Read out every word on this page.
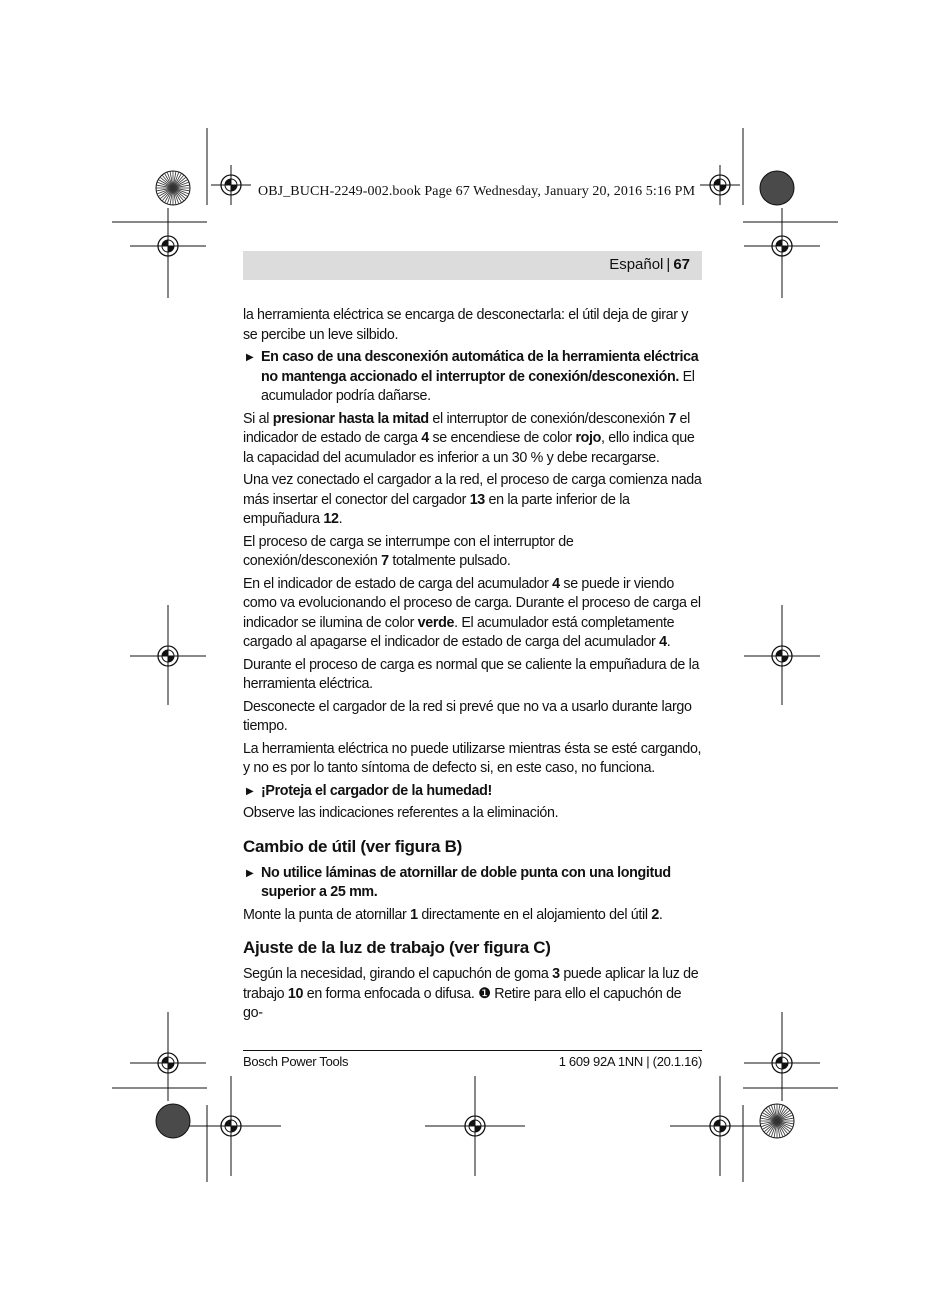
OBJ_BUCH-2249-002.book Page 67 Wednesday, January 20, 2016 5:16 PM
Español | 67

la herramienta eléctrica se encarga de desconectarla: el útil deja de girar y se percibe un leve silbido.

▶ En caso de una desconexión automática de la herramienta eléctrica no mantenga accionado el interruptor de conexión/desconexión. El acumulador podría dañarse.

Si al presionar hasta la mitad el interruptor de conexión/desconexión 7 el indicador de estado de carga 4 se encendiese de color rojo, ello indica que la capacidad del acumulador es inferior a un 30 % y debe recargarse.

Una vez conectado el cargador a la red, el proceso de carga comienza nada más insertar el conector del cargador 13 en la parte inferior de la empuñadura 12.

El proceso de carga se interrumpe con el interruptor de conexión/desconexión 7 totalmente pulsado.

En el indicador de estado de carga del acumulador 4 se puede ir viendo como va evolucionando el proceso de carga. Durante el proceso de carga el indicador se ilumina de color verde. El acumulador está completamente cargado al apagarse el indicador de estado de carga del acumulador 4.

Durante el proceso de carga es normal que se caliente la empuñadura de la herramienta eléctrica.

Desconecte el cargador de la red si prevé que no va a usarlo durante largo tiempo.

La herramienta eléctrica no puede utilizarse mientras ésta se esté cargando, y no es por lo tanto síntoma de defecto si, en este caso, no funciona.

▶ ¡Proteja el cargador de la humedad!

Observe las indicaciones referentes a la eliminación.

Cambio de útil (ver figura B)
▶ No utilice láminas de atornillar de doble punta con una longitud superior a 25 mm.

Monte la punta de atornillar 1 directamente en el alojamiento del útil 2.

Ajuste de la luz de trabajo (ver figura C)

Según la necesidad, girando el capuchón de goma 3 puede aplicar la luz de trabajo 10 en forma enfocada o difusa. ❶ Retire para ello el capuchón de go-

Bosch Power Tools	1 609 92A 1NN | (20.1.16)
